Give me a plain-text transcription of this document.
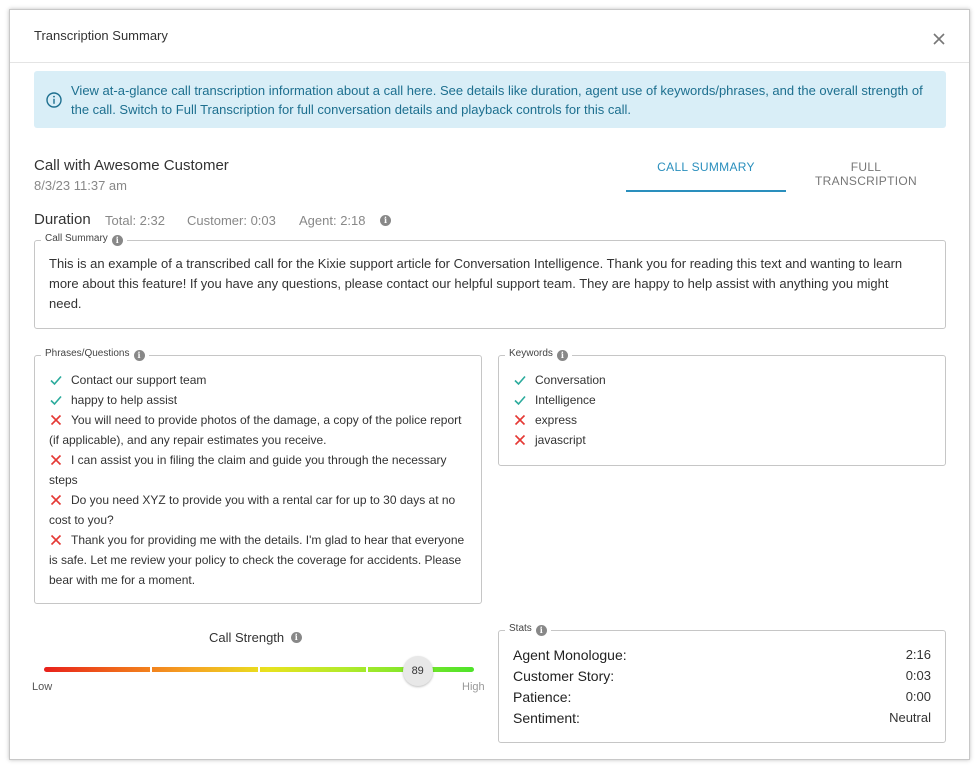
Transcription Summary
View at-a-glance call transcription information about a call here. See details like duration, agent use of keywords/phrases, and the overall strength of the call. Switch to Full Transcription for full conversation details and playback controls for this call.
Call with Awesome Customer
8/3/23 11:37 am
CALL SUMMARY	FULL TRANSCRIPTION
Duration Total: 2:32 Customer: 0:03 Agent: 2:18	i
Call Summary i
This is an example of a transcribed call for the Kixie support article for Conversation Intelligence. Thank you for reading this text and wanting to learn more about this feature! If you have any questions, please contact our helpful support team. They are happy to help assist with anything you might need.
Phrases/Questions i
Contact our support team
happy to help assist
You will need to provide photos of the damage, a copy of the police report (if applicable), and any repair estimates you receive.
I can assist you in filing the claim and guide you through the necessary steps
Do you need XYZ to provide you with a rental car for up to 30 days at no cost to you?
Thank you for providing me with the details. I'm glad to hear that everyone is safe. Let me review your policy to check the coverage for accidents. Please bear with me for a moment.
Keywords i
Conversation
Intelligence
express
javascript
Call Strength i
89
Low	High
Stats i
Agent Monologue:	2:16
Customer Story:	0:03
Patience:	0:00
Sentiment:	Neutral
